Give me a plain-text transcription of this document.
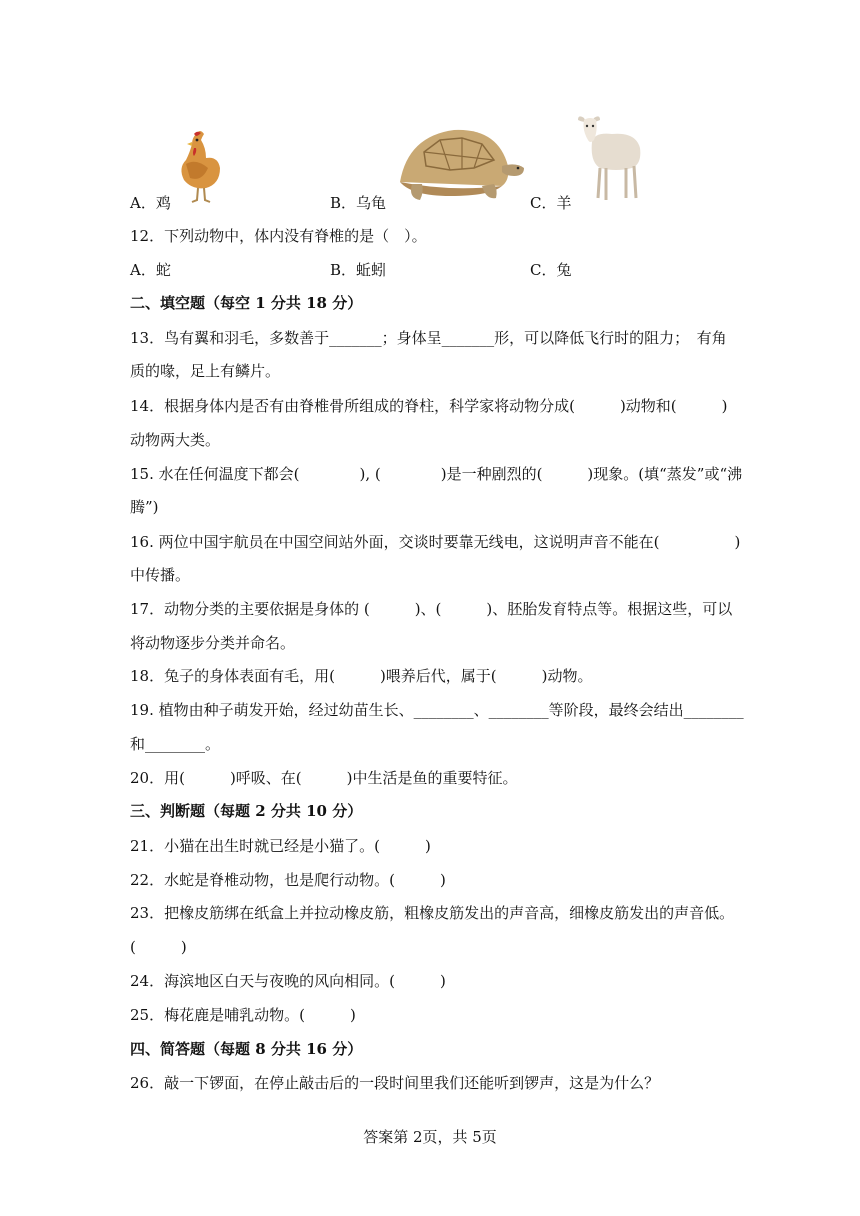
A．鸡	B．乌龟	C．羊
12．下列动物中，体内没有脊椎的是（　）。
A．蛇	B．蚯蚓	C．兔
二、填空题（每空 1 分共 18 分）
13．鸟有翼和羽毛，多数善于_______；身体呈_______形，可以降低飞行时的阻力；　有角
质的喙，足上有鳞片。
14．根据身体内是否有由脊椎骨所组成的脊柱，科学家将动物分成(　　　)动物和(　　　)
动物两大类。
15. 水在任何温度下都会(　　　　), (　　　　)是一种剧烈的(　　　)现象。(填“蒸发”或“沸
腾”)
16. 两位中国宇航员在中国空间站外面，交谈时要靠无线电，这说明声音不能在(　　　　　)
中传播。
17．动物分类的主要依据是身体的 (　　　)、(　　　)、胚胎发育特点等。根据这些，可以
将动物逐步分类并命名。
18．兔子的身体表面有毛，用(　　　)喂养后代，属于(　　　)动物。
19. 植物由种子萌发开始，经过幼苗生长、________、________等阶段，最终会结出________
和________。
20．用(　　　)呼吸、在(　　　)中生活是鱼的重要特征。
三、判断题（每题 2 分共 10 分）
21．小猫在出生时就已经是小猫了。(　　　)
22．水蛇是脊椎动物，也是爬行动物。(　　　)
23．把橡皮筋绑在纸盒上并拉动橡皮筋，粗橡皮筋发出的声音高，细橡皮筋发出的声音低。
(　　　)
24．海滨地区白天与夜晚的风向相同。(　　　)
25．梅花鹿是哺乳动物。(　　　)
四、简答题（每题 8 分共 16 分）
26．敲一下锣面，在停止敲击后的一段时间里我们还能听到锣声，这是为什么？
答案第 2页，共 5页
